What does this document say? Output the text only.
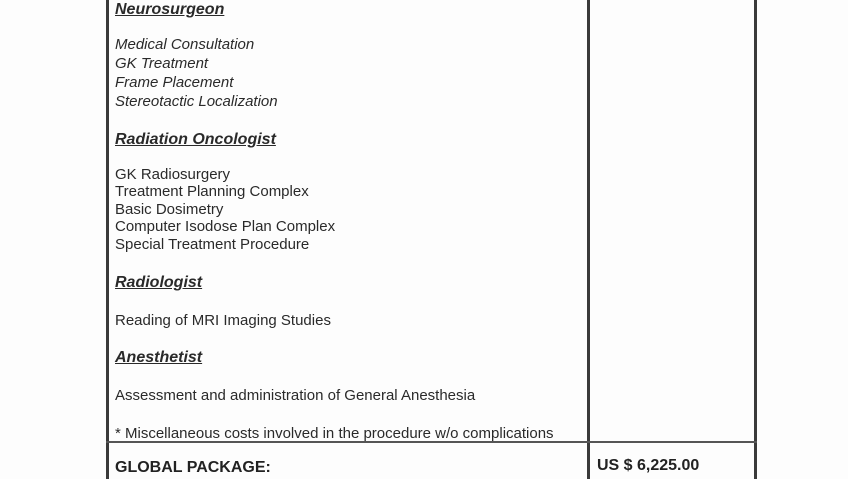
Neurosurgeon
Medical Consultation
GK Treatment
Frame Placement
Stereotactic Localization
Radiation Oncologist
GK Radiosurgery
Treatment Planning Complex
Basic Dosimetry
Computer Isodose Plan Complex
Special Treatment Procedure
Radiologist
Reading of MRI Imaging Studies
Anesthetist
Assessment and administration of General Anesthesia
* Miscellaneous costs involved in the procedure w/o complications
GLOBAL PACKAGE:	US $ 6,225.00
